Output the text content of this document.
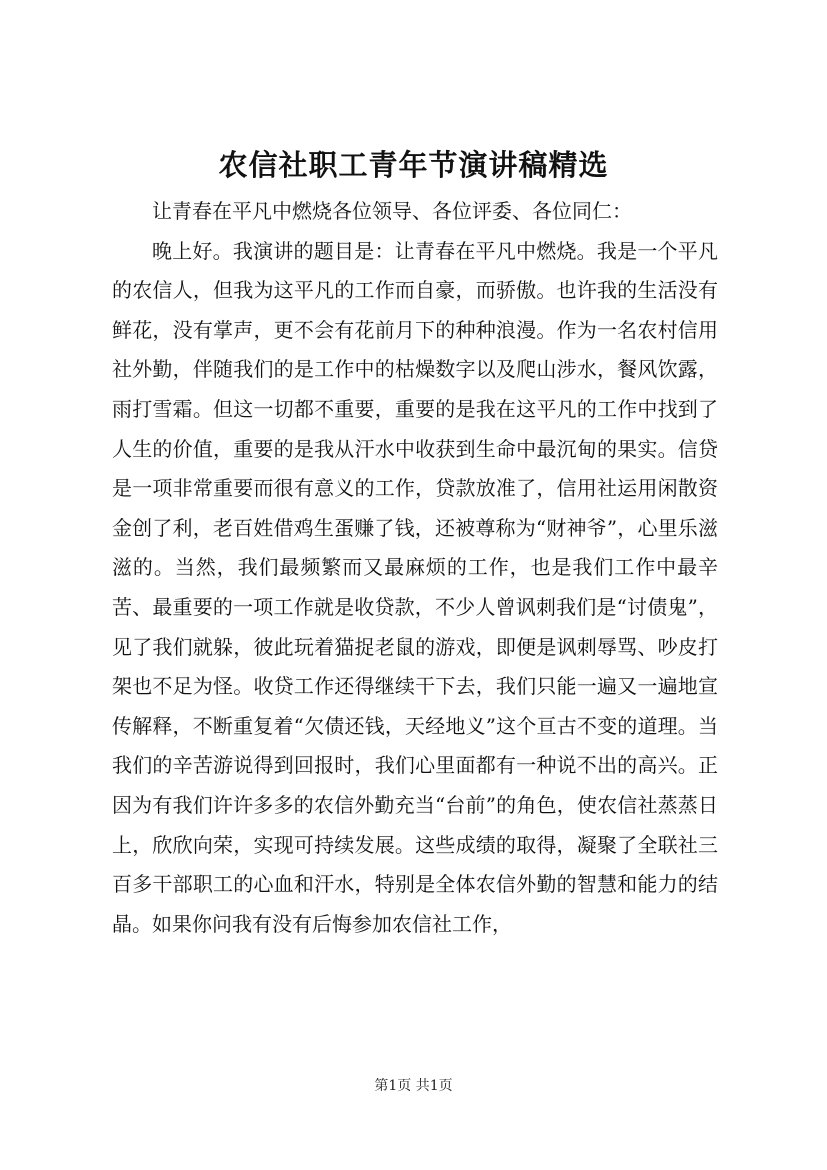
农信社职工青年节演讲稿精选

让青春在平凡中燃烧各位领导、各位评委、各位同仁：

晚上好。我演讲的题目是：让青春在平凡中燃烧。我是一个平凡的农信人，但我为这平凡的工作而自豪，而骄傲。也许我的生活没有鲜花，没有掌声，更不会有花前月下的种种浪漫。作为一名农村信用社外勤，伴随我们的是工作中的枯燥数字以及爬山涉水，餐风饮露，雨打雪霜。但这一切都不重要，重要的是我在这平凡的工作中找到了人生的价值，重要的是我从汗水中收获到生命中最沉甸的果实。信贷是一项非常重要而很有意义的工作，贷款放准了，信用社运用闲散资金创了利，老百姓借鸡生蛋赚了钱，还被尊称为“财神爷”，心里乐滋滋的。当然，我们最频繁而又最麻烦的工作，也是我们工作中最辛苦、最重要的一项工作就是收贷款，不少人曾讽刺我们是“讨债鬼”，见了我们就躲，彼此玩着猫捉老鼠的游戏，即便是讽刺辱骂、吵皮打架也不足为怪。收贷工作还得继续干下去，我们只能一遍又一遍地宣传解释，不断重复着“欠债还钱，天经地义”这个亘古不变的道理。当我们的辛苦游说得到回报时，我们心里面都有一种说不出的高兴。正因为有我们许许多多的农信外勤充当“台前”的角色，使农信社蒸蒸日上，欣欣向荣，实现可持续发展。这些成绩的取得，凝聚了全联社三百多干部职工的心血和汗水，特别是全体农信外勤的智慧和能力的结晶。如果你问我有没有后悔参加农信社工作，

第1页 共1页
